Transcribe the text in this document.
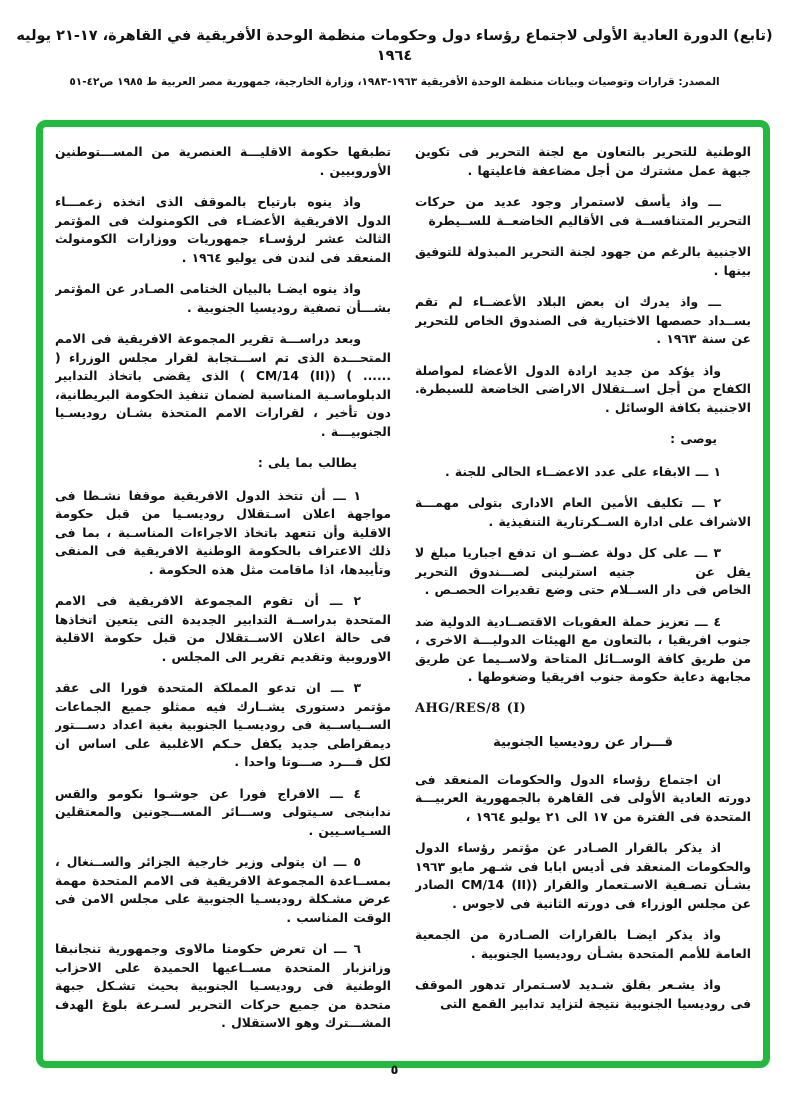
(تابع) الدورة العادية الأولى لاجتماع رؤساء دول وحكومات منظمة الوحدة الأفريقية في القاهرة، ١٧-٢١ يوليه ١٩٦٤
المصدر: قرارات وتوصيات وبيانات منظمة الوحدة الأفريقية ١٩٦٣-١٩٨٣، وزارة الخارجية، جمهورية مصر العربية ط ١٩٨٥ ص٤٢-٥١

الوطنية للتحرير بالتعاون مع لجنة التحرير فى تكوين جبهة عمل مشترك من أجل مضاعفة فاعليتها .

ـــ واذ يأسف لاستمرار وجود عديد من حركات التحرير المتنافســة فى الأقاليم الخاضعــة للســيطرة

الاجنبية بالرغم من جهود لجنة التحرير المبذولة للتوفيق بينها .

ـــ واذ يدرك ان بعض البلاد الأعضــاء لم تقم بســداد حصصها الاختيارية فى الصندوق الخاص للتحرير عن سنة ١٩٦٣ .

واذ يؤكد من جديد ارادة الدول الأعضاء لمواصلة الكفاح من أجل اســتقلال الاراضى الخاضعة للسيطرة. الاجنبية بكافة الوسائل .

يوصى :

١ ـــ الابقاء على عدد الاعضــاء الحالى للجنة .

٢ ـــ تكليف الأمين العام الادارى بتولى مهمـــة الاشراف على ادارة الســكرتارية التنفيذية .

٣ ـــ على كل دولة عضــو ان تدفع اجباريا مبلغ لا يقل عن     جنيه استرلينى لصـــندوق التحرير الخاص فى دار الســلام حتى وضع تقديرات الحصـص .

٤ ـــ تعزيز حملة العقوبات الاقتصــادية الدولية ضد جنوب افريقيا ، بالتعاون مع الهيئات الدوليـــة الاخرى ، من طريق كافة الوســائل المتاحة ولاســيما عن طريق مجابهة دعاية حكومة جنوب افريقيا وضغوطها .

AHG/RES/8 (I)

قـــرار عن روديسيا الجنوبية

ان اجتماع رؤساء الدول والحكومات المنعقد فى دورته العادية الأولى فى القاهرة بالجمهورية العربيـــة المتحدة فى الفترة من ١٧ الى ٢١ يوليو ١٩٦٤ ،

اذ يذكر بالقرار الصـادر عن مؤتمر رؤساء الدول والحكومات المنعقد فى أديس ابابا فى شـهر مايو ١٩٦٣ بشـأن تصـفية الاسـتعمار والقرار (CM/14 (II) الصادر عن مجلس الوزراء فى دورته الثانية فى لاجوس .

واذ يذكر ايضـا بالقرارات الصـادرة من الجمعية العامة للأمم المتحدة بشـأن روديسيا الجنوبية .

واذ يشـعر بقلق شـديد لاسـتمرار تدهور الموقف فى روديسيا الجنوبية نتيجة لتزايد تدابير القمع التى

تطبقها حكومة الاقليـــة العنصرية من المســـتوطنين الأوروبيين .

واذ ينوه بارتياح بالموقف الذى اتخذه زعمـــاء الدول الافريقية الأعضـاء فى الكومنولث فى المؤتمر الثالث عشر لرؤسـاء جمهوريات ووزارات الكومنولث المنعقد فى لندن فى يوليو ١٩٦٤ .

واذ ينوه ايضـا بالبيان الختامى الصـادر عن المؤتمر بشـــأن تصفية روديسيا الجنوبية .

وبعد دراســـة تقرير المجموعة الافريقية فى الامم المتحـــدة الذى تم اســـتجابة لقرار مجلس الوزراء ( ...... ) (CM/14 (II) ) الذى يقضى باتخاذ التدابير الدبلوماسـية المناسبة لضمان تنفيذ الحكومة البريطانية، دون تأخير ، لقرارات الامم المتحذة بشـان روديسـيا الجنوبيـــة .

يطالب بما يلى :

١ ـــ أن تتخذ الدول الافريقية موقفا نشـطا فى مواجهة اعلان اسـتقلال روديسـيا من قبل حكومة الاقلية وأن تتعهد باتخاذ الاجراءات المناسـبة ، بما فى ذلك الاعتراف بالحكومة الوطنية الافريقية فى المنفى وتأييدها، اذا ماقامت مثل هذه الحكومة .

٢ ـــ أن تقوم المجموعة الافريقية فى الامم المتحدة بدراســة التدابير الجديدة التى يتعين اتخاذها فى حالة اعلان الاســتقلال من قبل حكومة الاقلية الاوروبية وتقديم تقرير الى المجلس .

٣ ـــ ان تدعو المملكة المتحدة فورا الى عقد مؤتمر دستورى يشــارك فيه ممثلو جميع الجماعات الســياســية فى روديسـيا الجنوبية بغية اعداد دســـتور ديمقراطى جديد يكفل حـكم الاغلبية على اساس ان لكل فـــرد صـــوتا واحدا .

٤ ـــ الافراج فورا عن جوشـوا نكومو والقس ندابنجى سـيتولى وســـائر المســـجونين والمعتقلين السـياسـيين .

٥ ـــ ان يتولى وزير خارجية الجزائر والســنغال ، بمســاعدة المجموعة الافريقية فى الامم المتحدة مهمة عرض مشـكلة روديسـيا الجنوبية على مجلس الامن فى الوقت المناسب .

٦ ـــ ان تعرض حكومتا مالاوى وجمهورية تنجانبقا وزانزبار المتحدة مســاعيها الحميدة على الاحزاب الوطنية فى روديسـيا الجنوبية بحيث تشـكل جبهة متحدة من جميع حركات التحرير لسـرعة بلوغ الهدف المشـــترك وهو الاستقلال .

٥
